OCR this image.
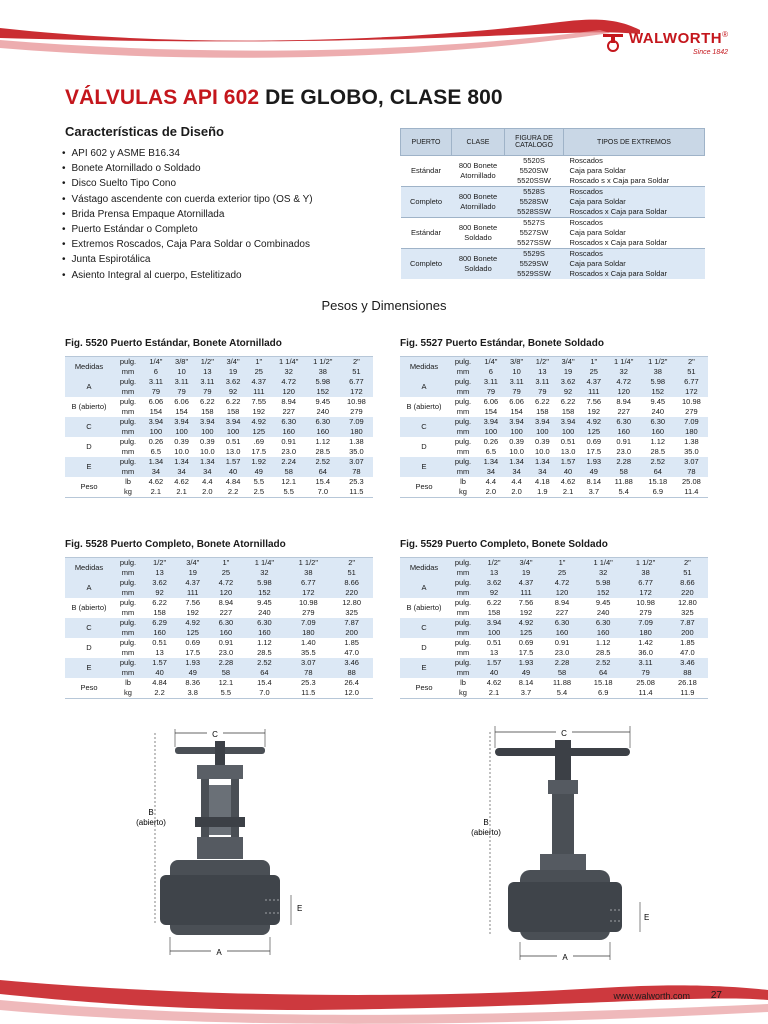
WALWORTH®
Since 1842
VÁLVULAS API 602 DE GLOBO, CLASE 800
Características de Diseño
• API 602 y ASME B16.34
• Bonete Atornillado o Soldado
• Disco Suelto Tipo Cono
• Vástago ascendente con cuerda exterior tipo (OS & Y)
• Brida Prensa Empaque Atornillada
• Puerto Estándar o Completo
• Extremos Roscados, Caja Para Soldar o Combinados
• Junta Espirotálica
• Asiento Integral al cuerpo, Estelitizado
PUERTO	CLASE	FIGURA DE CATALOGO	TIPOS DE EXTREMOS
Estándar	800 Bonete Atornillado	5520S	Roscados
		5520SW	Caja para Soldar
		5520SSW	Roscado s x Caja para Soldar
Completo	800 Bonete Atornillado	5528S	Roscados
		5528SW	Caja para Soldar
		5528SSW	Roscados x Caja para Soldar
Estándar	800 Bonete Soldado	5527S	Roscados
		5527SW	Caja para Soldar
		5527SSW	Roscados x Caja para Soldar
Completo	800 Bonete Soldado	5529S	Roscados
		5529SW	Caja para Soldar
		5529SSW	Roscados x Caja para Soldar
Pesos y Dimensiones
Fig. 5520 Puerto Estándar, Bonete Atornillado
Medidas	pulg.	1/4"	3/8"	1/2"	3/4"	1"	1 1/4"	1 1/2"	2"
	mm	6	10	13	19	25	32	38	51
A	pulg.	3.11	3.11	3.11	3.62	4.37	4.72	5.98	6.77
	mm	79	79	79	92	111	120	152	172
B (abierto)	pulg.	6.06	6.06	6.22	6.22	7.55	8.94	9.45	10.98
	mm	154	154	158	158	192	227	240	279
C	pulg.	3.94	3.94	3.94	3.94	4.92	6.30	6.30	7.09
	mm	100	100	100	100	125	160	160	180
D	pulg.	0.26	0.39	0.39	0.51	.69	0.91	1.12	1.38
	mm	6.5	10.0	10.0	13.0	17.5	23.0	28.5	35.0
E	pulg.	1.34	1.34	1.34	1.57	1.92	2.24	2.52	3.07
	mm	34	34	34	40	49	58	64	78
Peso	lb	4.62	4.62	4.4	4.84	5.5	12.1	15.4	25.3
	kg	2.1	2.1	2.0	2.2	2.5	5.5	7.0	11.5
Fig. 5527 Puerto Estándar, Bonete Soldado
Medidas	pulg.	1/4"	3/8"	1/2"	3/4"	1"	1 1/4"	1 1/2"	2"
	mm	6	10	13	19	25	32	38	51
A	pulg.	3.11	3.11	3.11	3.62	4.37	4.72	5.98	6.77
	mm	79	79	79	92	111	120	152	172
B (abierto)	pulg.	6.06	6.06	6.22	6.22	7.56	8.94	9.45	10.98
	mm	154	154	158	158	192	227	240	279
C	pulg.	3.94	3.94	3.94	3.94	4.92	6.30	6.30	7.09
	mm	100	100	100	100	125	160	160	180
D	pulg.	0.26	0.39	0.39	0.51	0.69	0.91	1.12	1.38
	mm	6.5	10.0	10.0	13.0	17.5	23.0	28.5	35.0
E	pulg.	1.34	1.34	1.34	1.57	1.93	2.28	2.52	3.07
	mm	34	34	34	40	49	58	64	78
Peso	lb	4.4	4.4	4.18	4.62	8.14	11.88	15.18	25.08
	kg	2.0	2.0	1.9	2.1	3.7	5.4	6.9	11.4
Fig. 5528 Puerto Completo, Bonete Atornillado
Medidas	pulg.	1/2"	3/4"	1"	1 1/4"	1 1/2"	2"
	mm	13	19	25	32	38	51
A	pulg.	3.62	4.37	4.72	5.98	6.77	8.66
	mm	92	111	120	152	172	220
B (abierto)	pulg.	6.22	7.56	8.94	9.45	10.98	12.80
	mm	158	192	227	240	279	325
C	pulg.	6.29	4.92	6.30	6.30	7.09	7.87
	mm	160	125	160	160	180	200
D	pulg.	0.51	0.69	0.91	1.12	1.40	1.85
	mm	13	17.5	23.0	28.5	35.5	47.0
E	pulg.	1.57	1.93	2.28	2.52	3.07	3.46
	mm	40	49	58	64	78	88
Peso	lb	4.84	8.36	12.1	15.4	25.3	26.4
	kg	2.2	3.8	5.5	7.0	11.5	12.0
Fig. 5529 Puerto Completo, Bonete Soldado
Medidas	pulg.	1/2"	3/4"	1"	1 1/4"	1 1/2"	2"
	mm	13	19	25	32	38	51
A	pulg.	3.62	4.37	4.72	5.98	6.77	8.66
	mm	92	111	120	152	172	220
B (abierto)	pulg.	6.22	7.56	8.94	9.45	10.98	12.80
	mm	158	192	227	240	279	325
C	pulg.	3.94	4.92	6.30	6.30	7.09	7.87
	mm	100	125	160	160	180	200
D	pulg.	0.51	0.69	0.91	1.12	1.42	1.85
	mm	13	17.5	23.0	28.5	36.0	47.0
E	pulg.	1.57	1.93	2.28	2.52	3.11	3.46
	mm	40	49	58	64	79	88
Peso	lb	4.62	8.14	11.88	15.18	25.08	26.18
	kg	2.1	3.7	5.4	6.9	11.4	11.9
C
B
(abierto)
D E
A
C
B
(abierto)
D E
A
www.walworth.com 27
